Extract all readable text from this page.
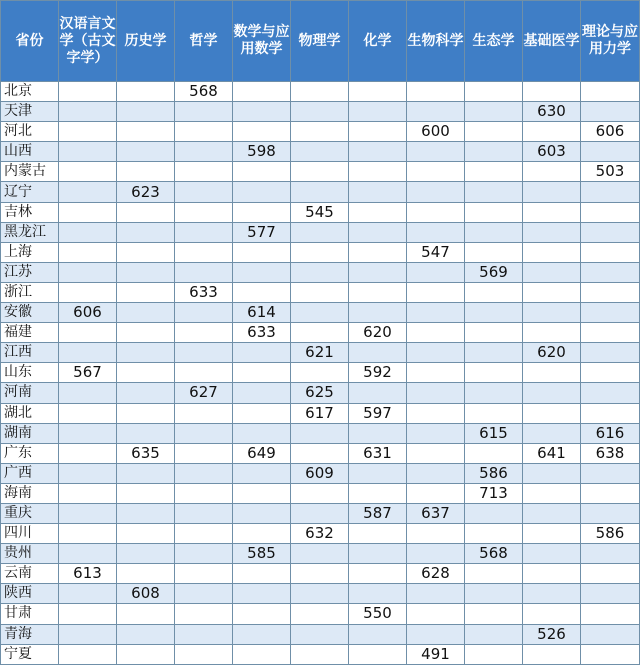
省份	汉语言文学（古文字学）	历史学	哲学	数学与应用数学	物理学	化学	生物科学	生态学	基础医学	理论与应用力学
北京			568							
天津									630	
河北							600			606
山西				598					603	
内蒙古										503
辽宁		623								
吉林					545					
黑龙江				577						
上海							547			
江苏								569		
浙江			633							
安徽	606			614						
福建				633		620				
江西					621				620	
山东	567					592				
河南			627		625					
湖北					617	597				
湖南								615		616
广东		635		649		631			641	638
广西					609			586		
海南								713		
重庆						587	637			
四川					632					586
贵州				585				568		
云南	613						628			
陕西		608								
甘肃						550				
青海									526	
宁夏							491			
